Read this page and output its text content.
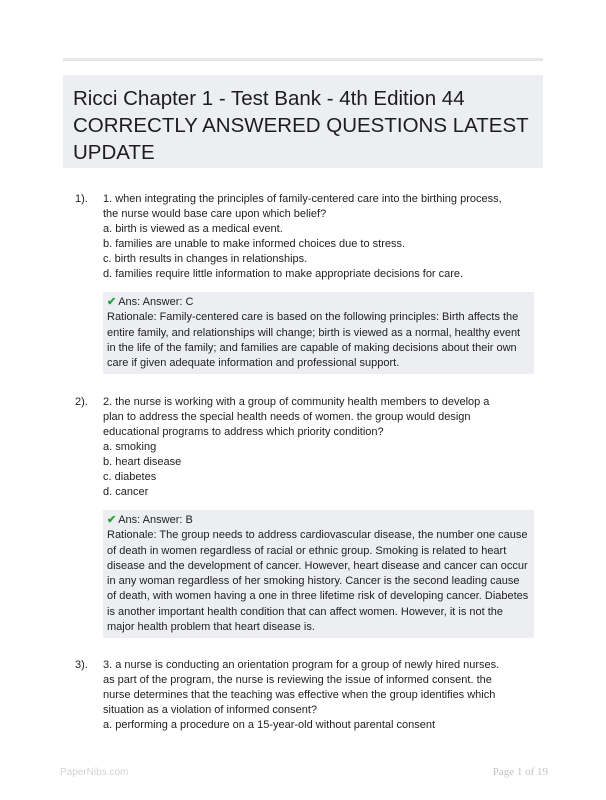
Ricci Chapter 1 - Test Bank - 4th Edition 44 CORRECTLY ANSWERED QUESTIONS LATEST UPDATE
1). 1. when integrating the principles of family-centered care into the birthing process, the nurse would base care upon which belief?
a. birth is viewed as a medical event.
b. families are unable to make informed choices due to stress.
c. birth results in changes in relationships.
d. families require little information to make appropriate decisions for care.
✔ Ans: Answer: C
Rationale: Family-centered care is based on the following principles: Birth affects the entire family, and relationships will change; birth is viewed as a normal, healthy event in the life of the family; and families are capable of making decisions about their own care if given adequate information and professional support.
2). 2. the nurse is working with a group of community health members to develop a plan to address the special health needs of women. the group would design educational programs to address which priority condition?
a. smoking
b. heart disease
c. diabetes
d. cancer
✔ Ans: Answer: B
Rationale: The group needs to address cardiovascular disease, the number one cause of death in women regardless of racial or ethnic group. Smoking is related to heart disease and the development of cancer. However, heart disease and cancer can occur in any woman regardless of her smoking history. Cancer is the second leading cause of death, with women having a one in three lifetime risk of developing cancer. Diabetes is another important health condition that can affect women. However, it is not the major health problem that heart disease is.
3). 3. a nurse is conducting an orientation program for a group of newly hired nurses. as part of the program, the nurse is reviewing the issue of informed consent. the nurse determines that the teaching was effective when the group identifies which situation as a violation of informed consent?
a. performing a procedure on a 15-year-old without parental consent
PaperNibs.com	Page 1 of 19
